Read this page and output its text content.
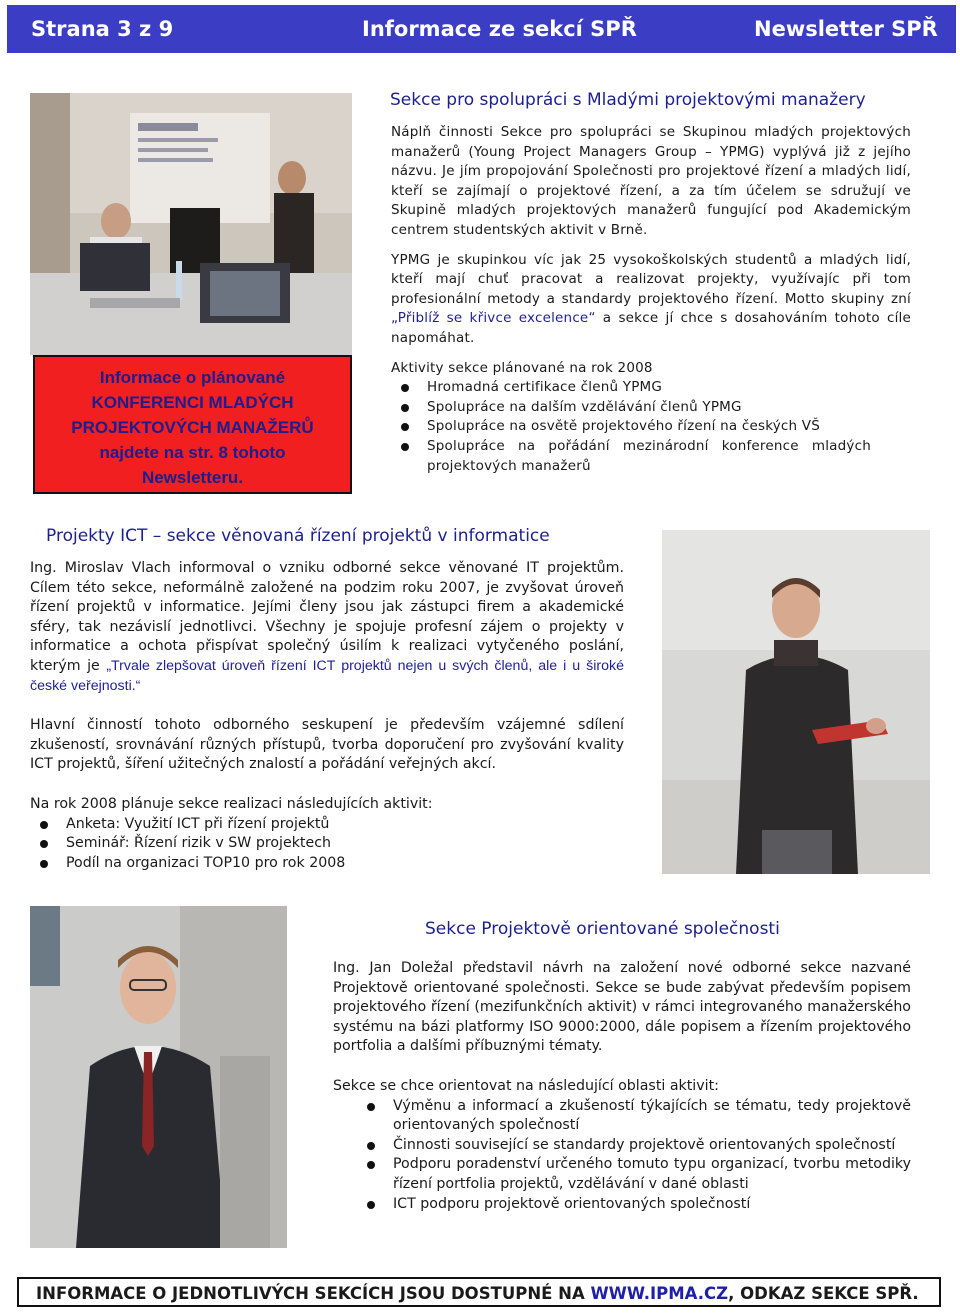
Strana 3 z 9	Informace ze sekcí SPŘ	Newsletter SPŘ
Informace o plánované
KONFERENCI MLADÝCH
PROJEKTOVÝCH MANAŽERŮ
najdete na str. 8 tohoto
Newsletteru.
Sekce pro spolupráci s Mladými projektovými manažery

Náplň činnosti Sekce pro spolupráci se Skupinou mladých projektových manažerů (Young Project Managers Group – YPMG) vyplývá již z jejího názvu. Je jím propojování Společnosti pro projektové řízení a mladých lidí, kteří se zajímají o projektové řízení, a za tím účelem se sdružují ve Skupině mladých projektových manažerů fungující pod Akademickým centrem studentských aktivit v Brně.

YPMG je skupinkou víc jak 25 vysokoškolských studentů a mladých lidí, kteří mají chuť pracovat a realizovat projekty, využívajíc při tom profesionální metody a standardy projektového řízení. Motto skupiny zní „Přiblíž se křivce excelence“ a sekce jí chce s dosahováním tohoto cíle napomáhat.

Aktivity sekce plánované na rok 2008

Hromadná certifikace členů YPMG
Spolupráce na dalším vzdělávání členů YPMG
Spolupráce na osvětě projektového řízení na českých VŠ
Spolupráce na pořádání mezinárodní konference mladých projektových manažerů
Projekty ICT – sekce věnovaná řízení projektů v informatice

Ing. Miroslav Vlach informoval o vzniku odborné sekce věnované IT projektům. Cílem této sekce, neformálně založené na podzim roku 2007, je zvyšovat úroveň řízení projektů v informatice. Jejími členy jsou jak zástupci firem a akademické sféry, tak nezávislí jednotlivci. Všechny je spojuje profesní zájem o projekty v informatice a ochota přispívat společný úsilím k realizaci vytyčeného poslání, kterým je „Trvale zlepšovat úroveň řízení ICT projektů nejen u svých členů, ale i u široké české veřejnosti.“

Hlavní činností tohoto odborného seskupení je především vzájemné sdílení zkušeností, srovnávání různých přístupů, tvorba doporučení pro zvyšování kvality ICT projektů, šíření užitečných znalostí a pořádání veřejných akcí.

Na rok 2008 plánuje sekce realizaci následujících aktivit:

Anketa: Využití ICT při řízení projektů
Seminář: Řízení rizik v SW projektech
Podíl na organizaci TOP10 pro rok 2008
Sekce Projektově orientované společnosti

Ing. Jan Doležal představil návrh na založení nové odborné sekce nazvané Projektově orientované společnosti. Sekce se bude zabývat především popisem projektového řízení (mezifunkčních aktivit) v rámci integrovaného manažerského systému na bázi platformy ISO 9000:2000, dále popisem a řízením projektového portfolia a dalšími příbuznými tématy.

Sekce se chce orientovat na následující oblasti aktivit:

Výměnu a informací a zkušeností týkajících se tématu, tedy projektově orientovaných společností
Činnosti související se standardy projektově orientovaných společností
Podporu poradenství určeného tomuto typu organizací, tvorbu metodiky řízení portfolia projektů, vzdělávání v dané oblasti
ICT podporu projektově orientovaných společností
INFORMACE O JEDNOTLIVÝCH SEKCÍCH JSOU DOSTUPNÉ NA WWW.IPMA.CZ, ODKAZ SEKCE SPŘ.
